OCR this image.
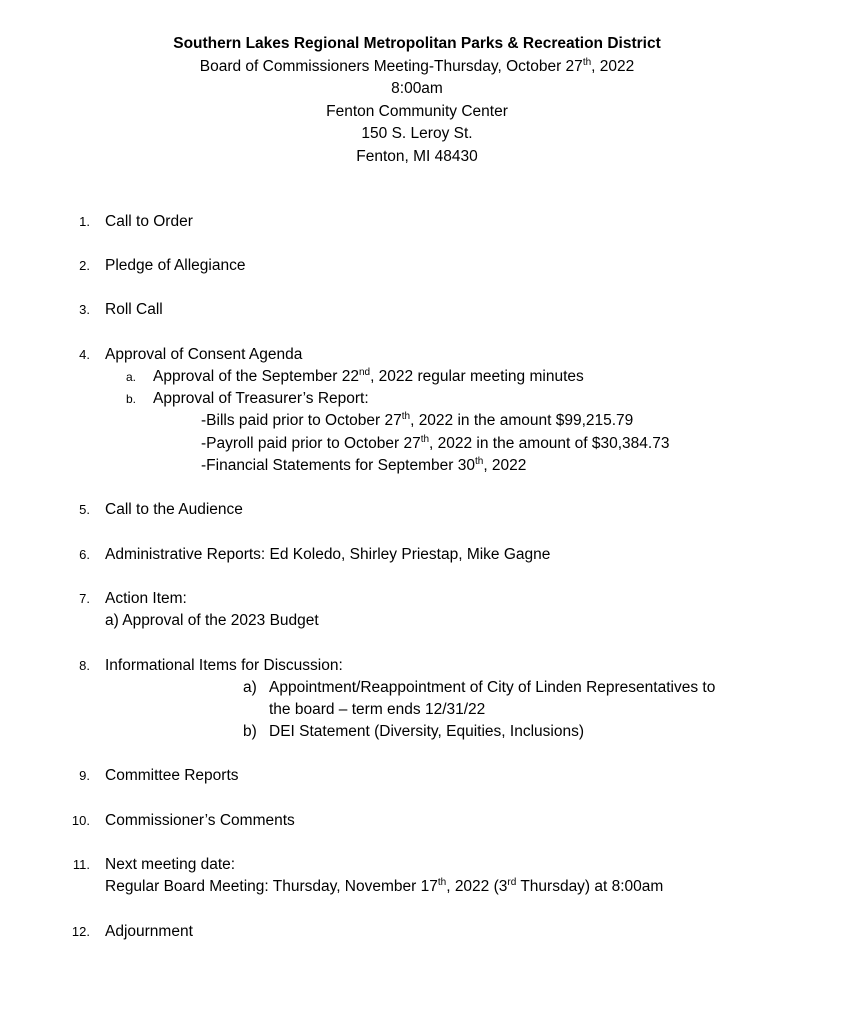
Southern Lakes Regional Metropolitan Parks & Recreation District
Board of Commissioners Meeting-Thursday, October 27th, 2022
8:00am
Fenton Community Center
150 S. Leroy St.
Fenton, MI 48430
1. Call to Order
2. Pledge of Allegiance
3. Roll Call
4. Approval of Consent Agenda
a.	Approval of the September 22nd, 2022 regular meeting minutes
b.	Approval of Treasurer’s Report:
-Bills paid prior to October 27th, 2022 in the amount $99,215.79
-Payroll paid prior to October 27th, 2022 in the amount of $30,384.73
-Financial Statements for September 30th, 2022
5. Call to the Audience
6. Administrative Reports: Ed Koledo, Shirley Priestap, Mike Gagne
7. Action Item:
a) Approval of the 2023 Budget
8. Informational Items for Discussion:
a) Appointment/Reappointment of City of Linden Representatives to
the board – term ends 12/31/22
b) DEI Statement (Diversity, Equities, Inclusions)
9. Committee Reports
10. Commissioner’s Comments
11. Next meeting date:
Regular Board Meeting: Thursday, November 17th, 2022 (3rd Thursday) at 8:00am
12. Adjournment
